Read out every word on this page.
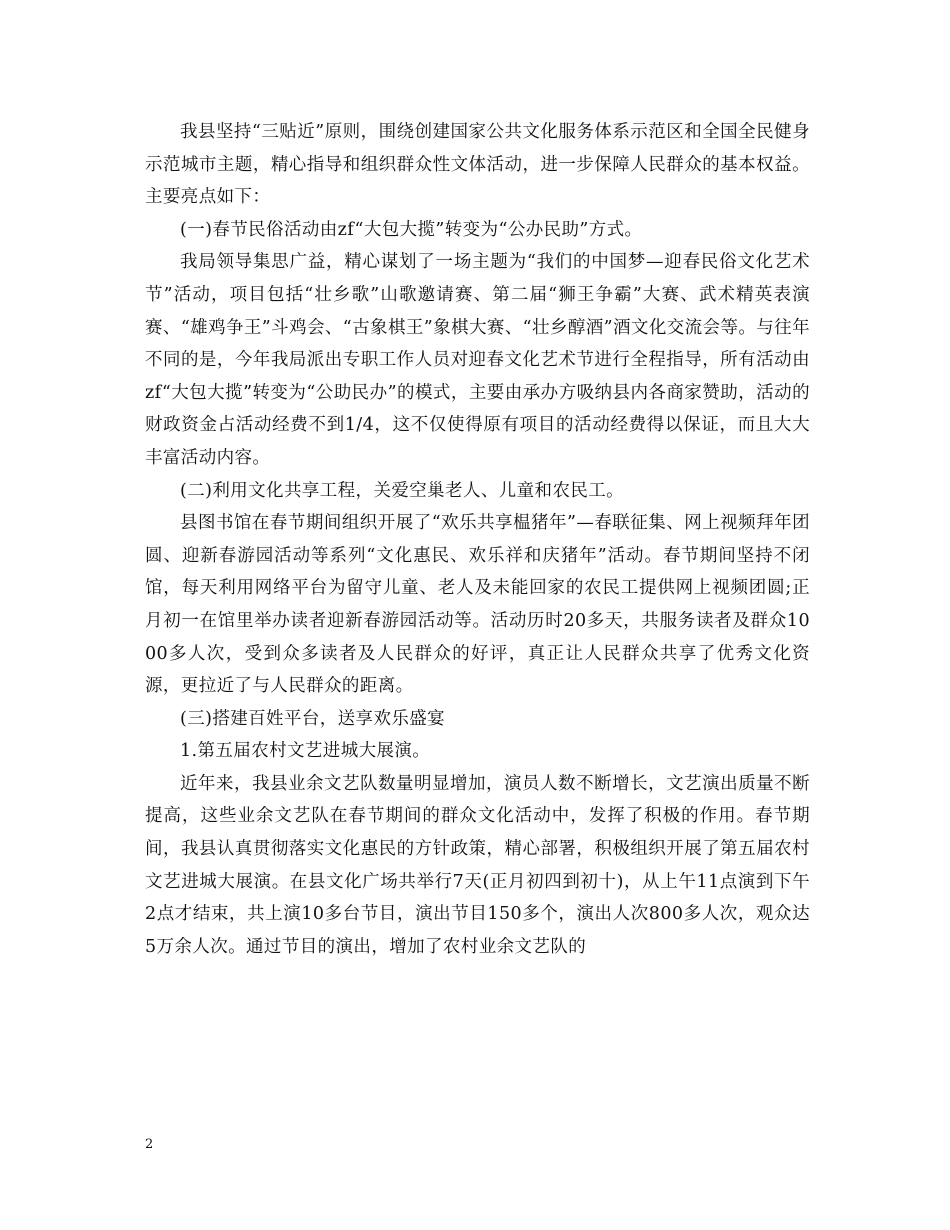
我县坚持“三贴近”原则，围绕创建国家公共文化服务体系示范区和全国全民健身示范城市主题，精心指导和组织群众性文体活动，进一步保障人民群众的基本权益。主要亮点如下：

(一)春节民俗活动由zf“大包大揽”转变为“公办民助”方式。

我局领导集思广益，精心谋划了一场主题为“我们的中国梦—迎春民俗文化艺术节”活动，项目包括“壮乡歌”山歌邀请赛、第二届“狮王争霸”大赛、武术精英表演赛、“雄鸡争王”斗鸡会、“古象棋王”象棋大赛、“壮乡醇酒”酒文化交流会等。与往年不同的是，今年我局派出专职工作人员对迎春文化艺术节进行全程指导，所有活动由zf“大包大揽”转变为“公助民办”的模式，主要由承办方吸纳县内各商家赞助，活动的财政资金占活动经费不到1/4，这不仅使得原有项目的活动经费得以保证，而且大大丰富活动内容。

(二)利用文化共享工程，关爱空巢老人、儿童和农民工。

县图书馆在春节期间组织开展了“欢乐共享榅猪年”—春联征集、网上视频拜年团圆、迎新春游园活动等系列“文化惠民、欢乐祥和庆猪年”活动。春节期间坚持不闭馆，每天利用网络平台为留守儿童、老人及未能回家的农民工提供网上视频团圆;正月初一在馆里举办读者迎新春游园活动等。活动历时20多天，共服务读者及群众1000多人次，受到众多读者及人民群众的好评，真正让人民群众共享了优秀文化资源，更拉近了与人民群众的距离。

(三)搭建百姓平台，送享欢乐盛宴

1.第五届农村文艺进城大展演。

近年来，我县业余文艺队数量明显增加，演员人数不断增长，文艺演出质量不断提高，这些业余文艺队在春节期间的群众文化活动中，发挥了积极的作用。春节期间，我县认真贯彻落实文化惠民的方针政策，精心部署，积极组织开展了第五届农村文艺进城大展演。在县文化广场共举行7天(正月初四到初十)，从上午11点演到下午2点才结束，共上演10多台节目，演出节目150多个，演出人次800多人次，观众达5万余人次。通过节目的演出，增加了农村业余文艺队的

2
